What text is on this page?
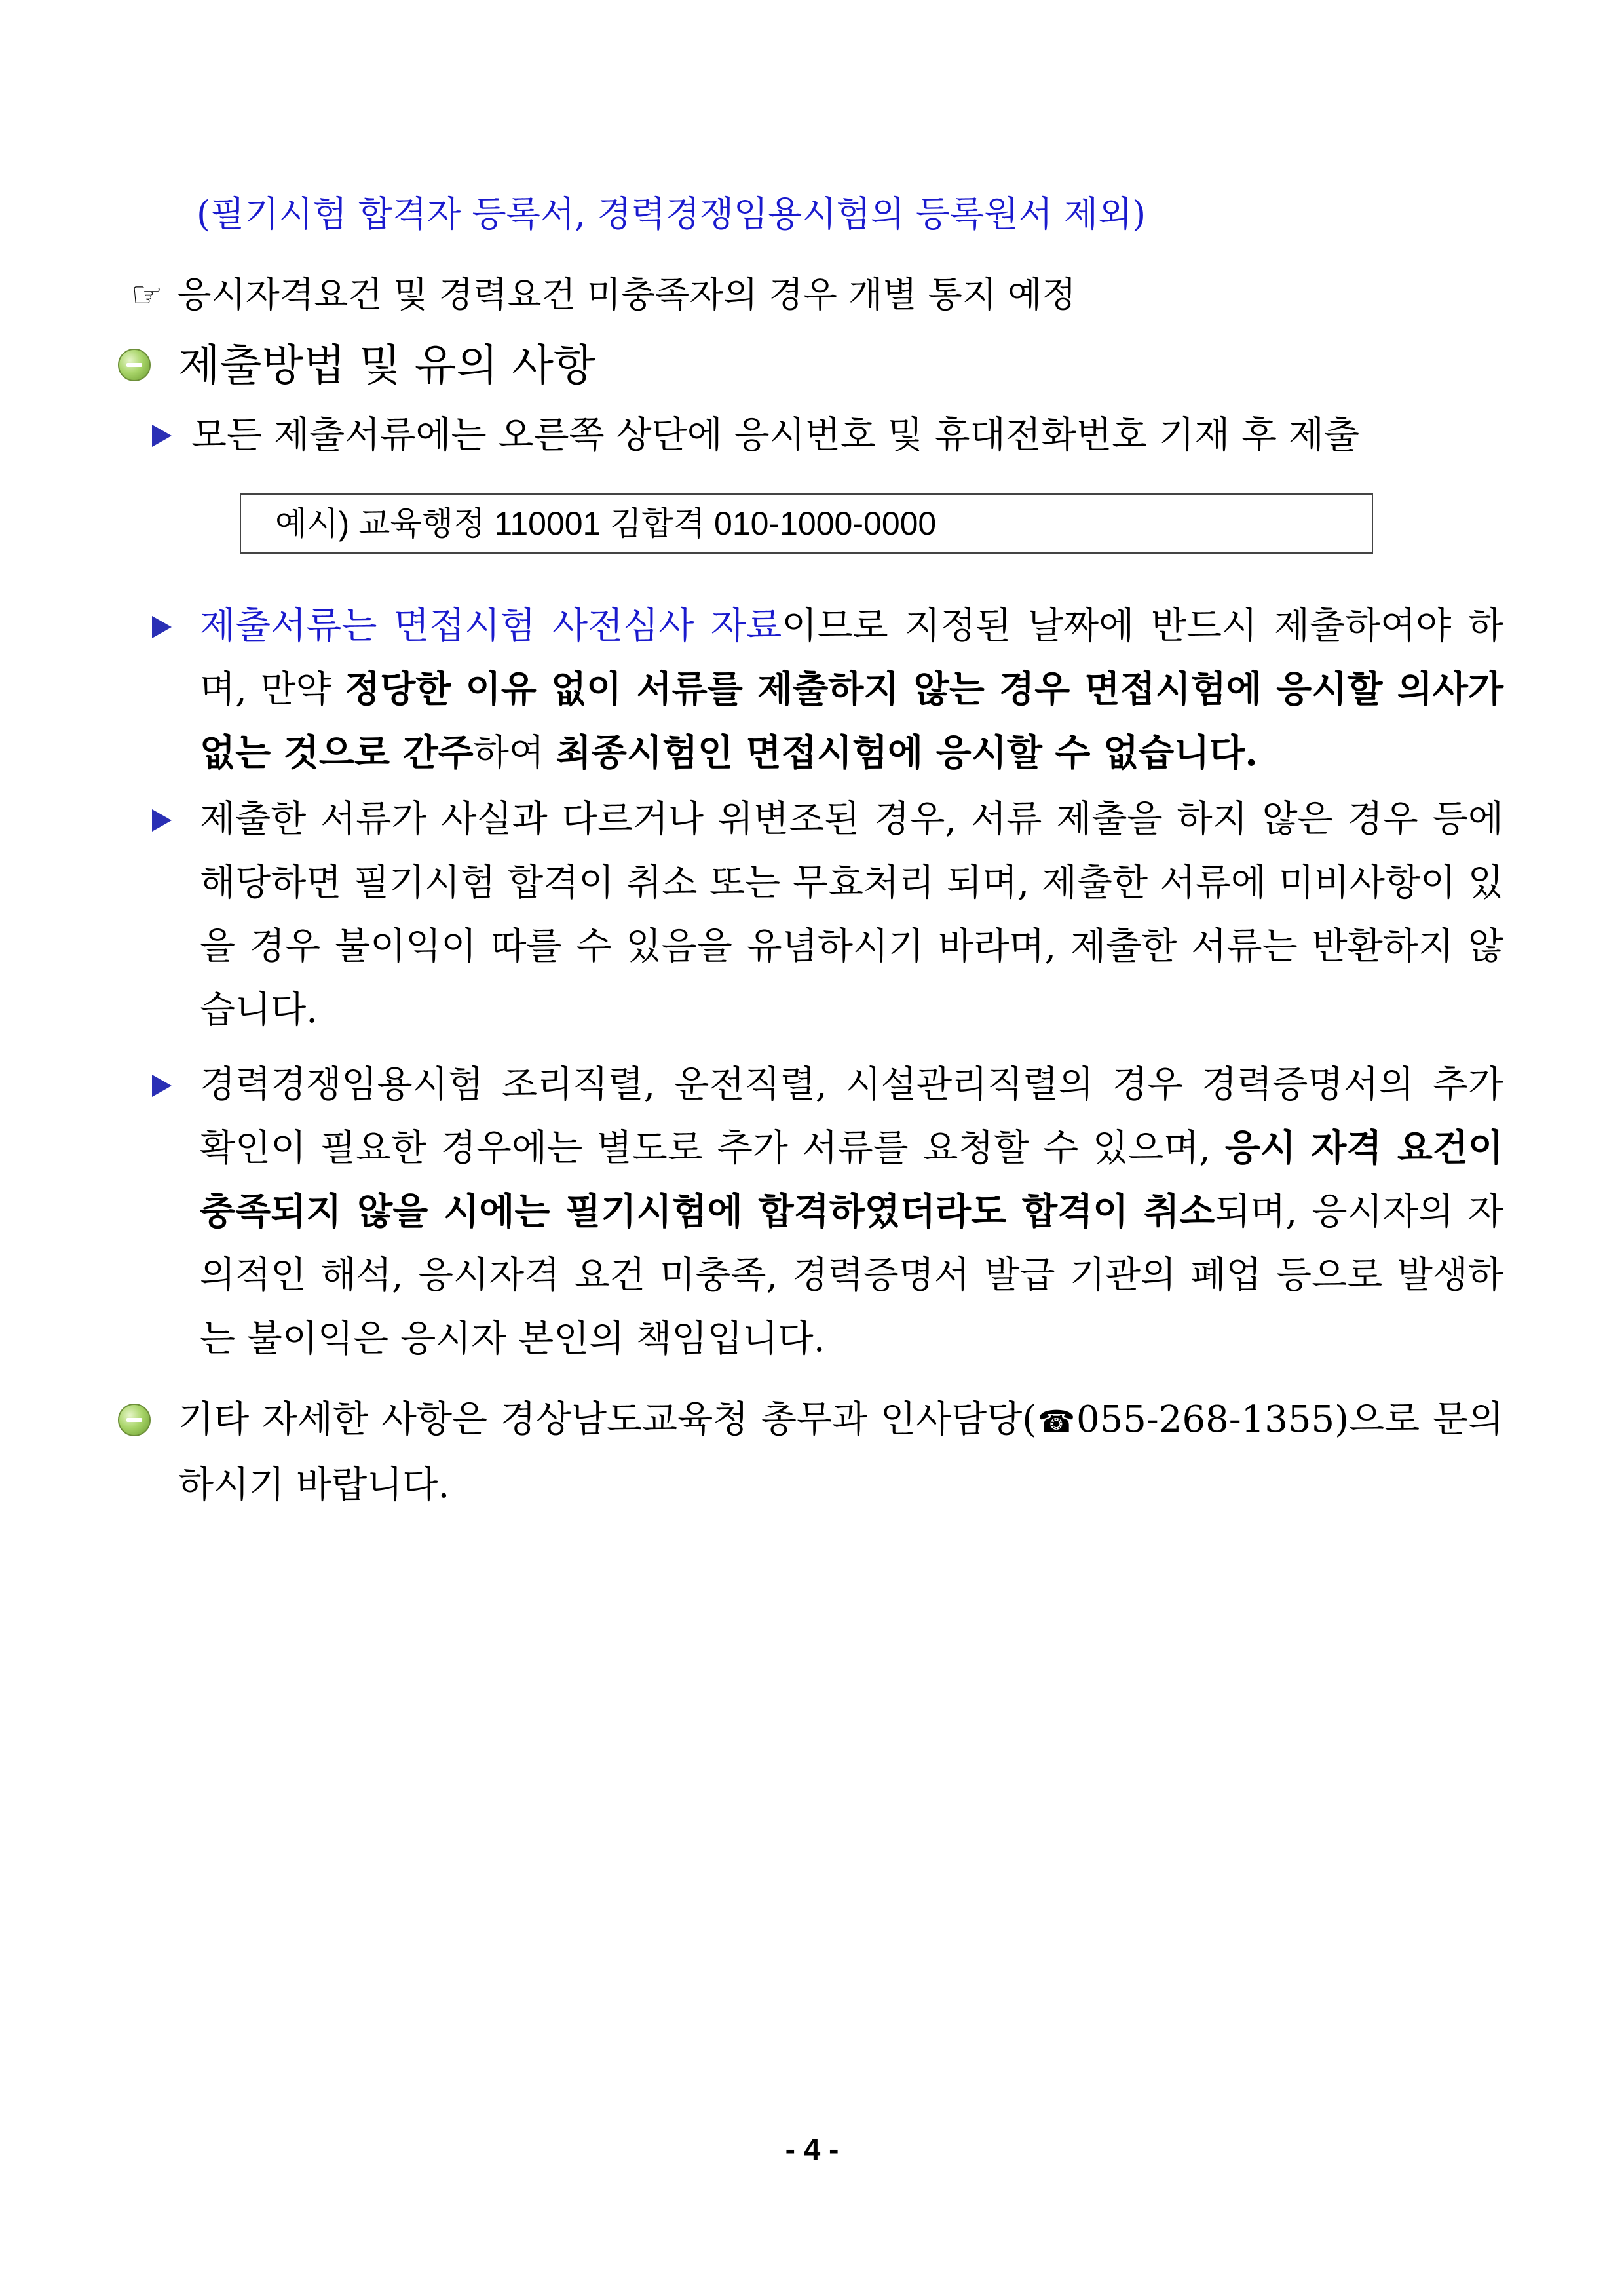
(필기시험 합격자 등록서, 경력경쟁임용시험의 등록원서 제외)
☞ 응시자격요건 및 경력요건 미충족자의 경우 개별 통지 예정
제출방법 및 유의 사항
모든 제출서류에는 오른쪽 상단에 응시번호 및 휴대전화번호 기재 후 제출
예시) 교육행정 110001 김합격 010-1000-0000
제출서류는 면접시험 사전심사 자료이므로 지정된 날짜에 반드시 제출하여야 하며, 만약 정당한 이유 없이 서류를 제출하지 않는 경우 면접시험에 응시할 의사가 없는 것으로 간주하여 최종시험인 면접시험에 응시할 수 없습니다.
제출한 서류가 사실과 다르거나 위변조된 경우, 서류 제출을 하지 않은 경우 등에 해당하면 필기시험 합격이 취소 또는 무효처리 되며, 제출한 서류에 미비사항이 있을 경우 불이익이 따를 수 있음을 유념하시기 바라며, 제출한 서류는 반환하지 않습니다.
경력경쟁임용시험 조리직렬, 운전직렬, 시설관리직렬의 경우 경력증명서의 추가 확인이 필요한 경우에는 별도로 추가 서류를 요청할 수 있으며, 응시 자격 요건이 충족되지 않을 시에는 필기시험에 합격하였더라도 합격이 취소되며, 응시자의 자의적인 해석, 응시자격 요건 미충족, 경력증명서 발급 기관의 폐업 등으로 발생하는 불이익은 응시자 본인의 책임입니다.
기타 자세한 사항은 경상남도교육청 총무과 인사담당(☎055-268-1355)으로 문의하시기 바랍니다.
- 4 -
